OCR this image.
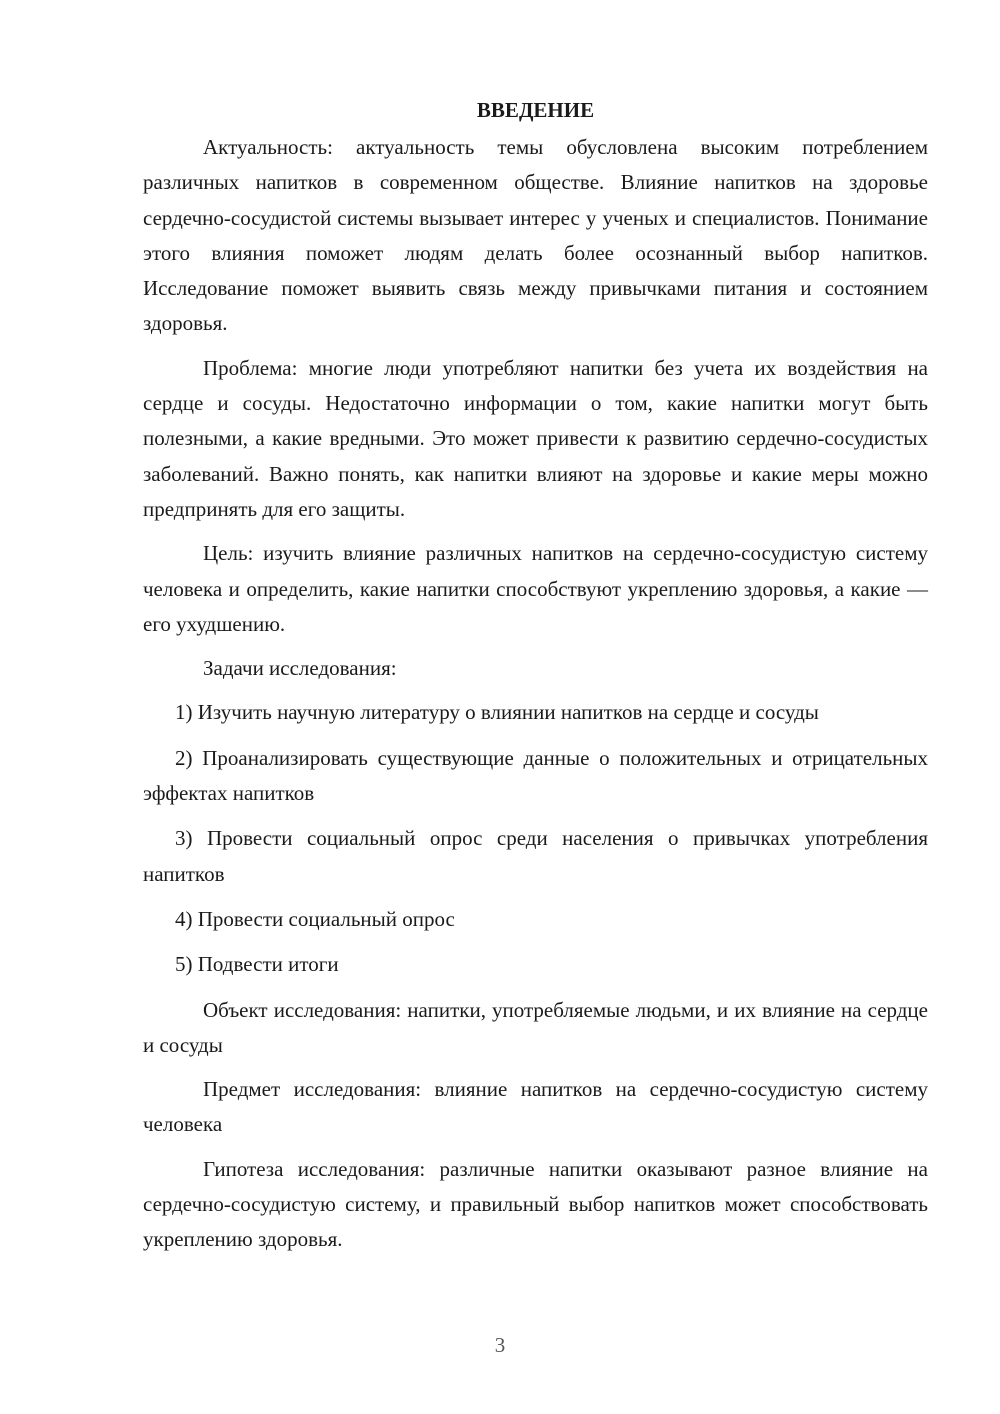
ВВЕДЕНИЕ

Актуальность: актуальность темы обусловлена высоким потреблением различных напитков в современном обществе. Влияние напитков на здоровье сердечно-сосудистой системы вызывает интерес у ученых и специалистов. Понимание этого влияния поможет людям делать более осознанный выбор напитков. Исследование поможет выявить связь между привычками питания и состоянием здоровья.

Проблема: многие люди употребляют напитки без учета их воздействия на сердце и сосуды. Недостаточно информации о том, какие напитки могут быть полезными, а какие вредными. Это может привести к развитию сердечно-сосудистых заболеваний. Важно понять, как напитки влияют на здоровье и какие меры можно предпринять для его защиты.

Цель: изучить влияние различных напитков на сердечно-сосудистую систему человека и определить, какие напитки способствуют укреплению здоровья, а какие — его ухудшению.

Задачи исследования:

1) Изучить научную литературу о влиянии напитков на сердце и сосуды

2) Проанализировать существующие данные о положительных и отрицательных эффектах напитков

3) Провести социальный опрос среди населения о привычках употребления напитков

4) Провести социальный опрос

5) Подвести итоги

Объект исследования: напитки, употребляемые людьми, и их влияние на сердце и сосуды

Предмет исследования: влияние напитков на сердечно-сосудистую систему человека

Гипотеза исследования: различные напитки оказывают разное влияние на сердечно-сосудистую систему, и правильный выбор напитков может способствовать укреплению здоровья.

3
